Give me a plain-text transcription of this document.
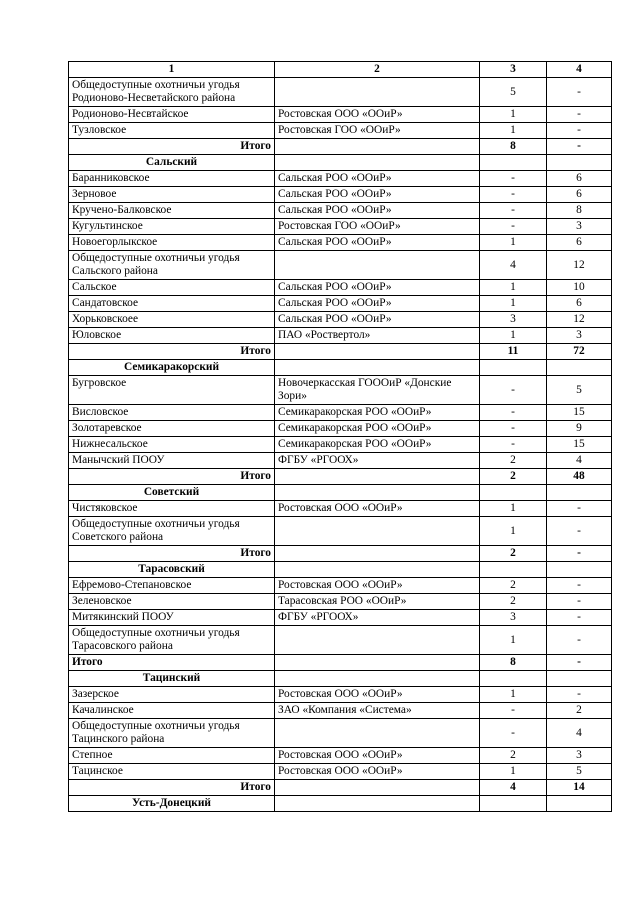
1	2	3	4
Общедоступные охотничьи угодья Родионово-Несветайского района		5	-
Родионово-Несвтайское	Ростовская ООО «ООиР»	1	-
Тузловское	Ростовская ГОО «ООиР»	1	-
Итого		8	-
Сальский			
Баранниковское	Сальская РОО «ООиР»	-	6
Зерновое	Сальская РОО «ООиР»	-	6
Кручено-Балковское	Сальская РОО «ООиР»	-	8
Кугультинское	Ростовская ГОО «ООиР»	-	3
Новоегорлыкское	Сальская РОО «ООиР»	1	6
Общедоступные охотничьи угодья Сальского района		4	12
Сальское	Сальская РОО «ООиР»	1	10
Сандатовское	Сальская РОО «ООиР»	1	6
Хорьковскоее	Сальская РОО «ООиР»	3	12
Юловское	ПАО «Роствертол»	1	3
Итого		11	72
Семикаракорский			
Бугровское	Новочеркасская ГОООиР «Донские Зори»	-	5
Висловское	Семикаракорская РОО «ООиР»	-	15
Золотаревское	Семикаракорская РОО «ООиР»	-	9
Нижнесальское	Семикаракорская РОО «ООиР»	-	15
Манычский ПООУ	ФГБУ «РГООХ»	2	4
Итого		2	48
Советский			
Чистяковское	Ростовская ООО «ООиР»	1	-
Общедоступные охотничьи угодья Советского района		1	-
Итого		2	-
Тарасовский			
Ефремово-Степановское	Ростовская ООО «ООиР»	2	-
Зеленовское	Тарасовская РОО «ООиР»	2	-
Митякинский ПООУ	ФГБУ «РГООХ»	3	-
Общедоступные охотничьи угодья Тарасовского района		1	-
Итого		8	-
Тацинский			
Зазерское	Ростовская ООО «ООиР»	1	-
Качалинское	ЗАО «Компания «Система»	-	2
Общедоступные охотничьи угодья Тацинского района		-	4
Степное	Ростовская ООО «ООиР»	2	3
Тацинское	Ростовская ООО «ООиР»	1	5
Итого		4	14
Усть-Донецкий			
